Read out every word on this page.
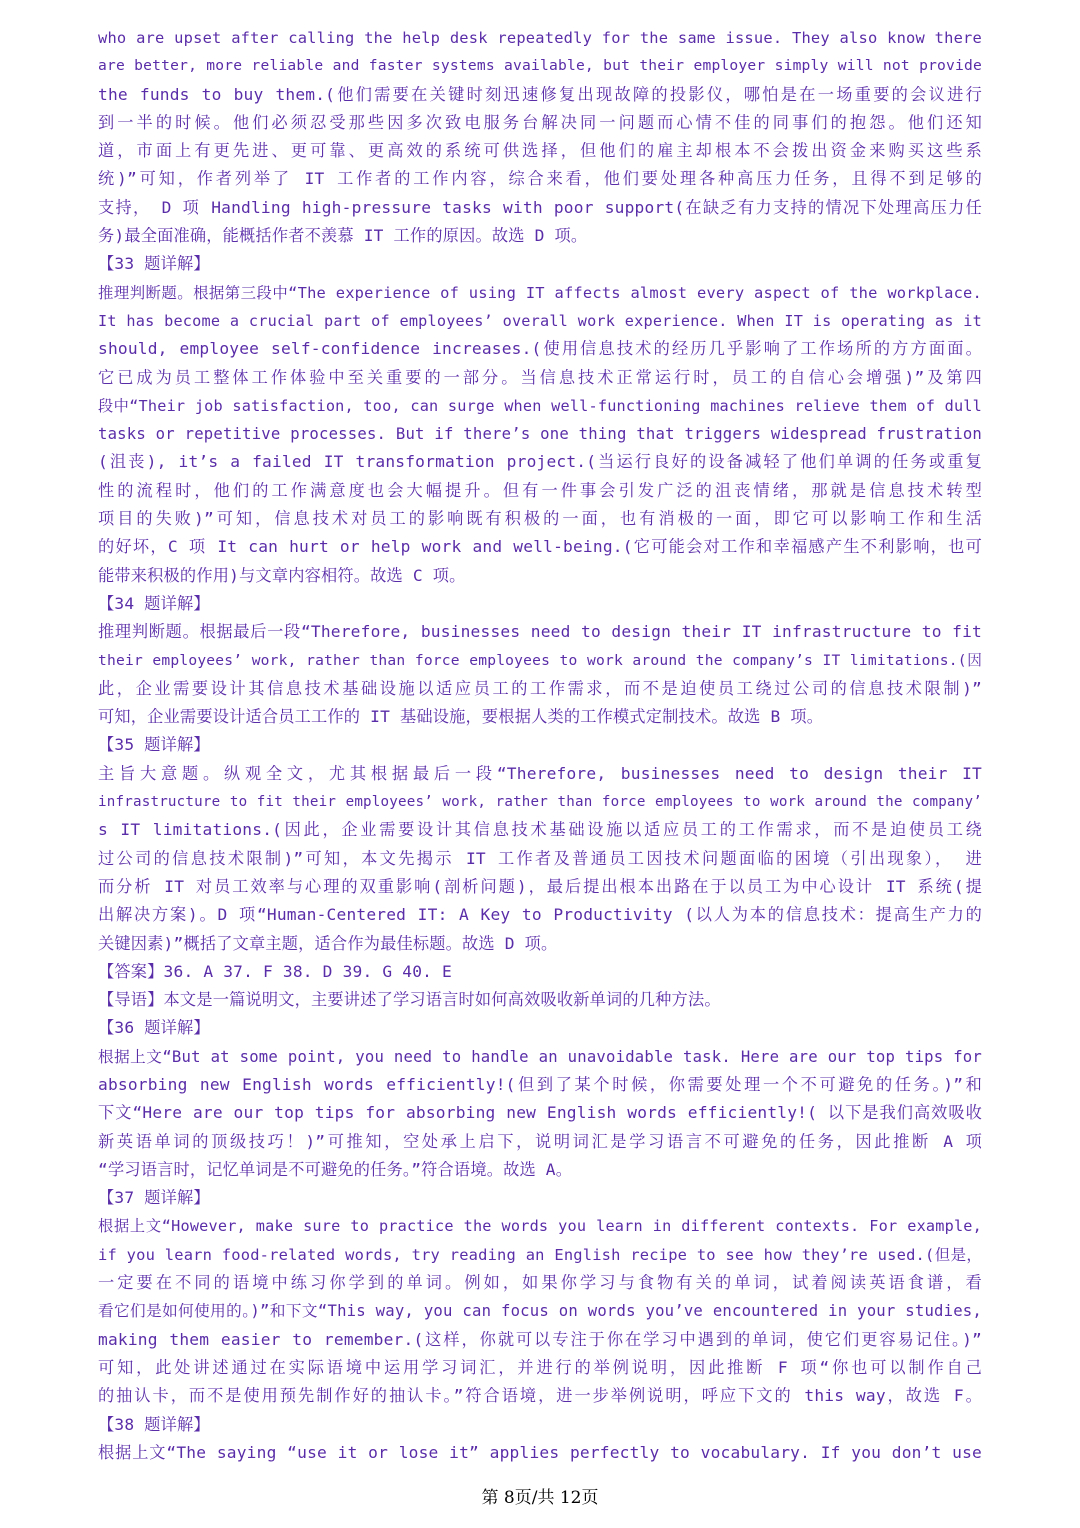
who are upset after calling the help desk repeatedly for the same issue. They also know there
are better, more reliable and faster systems available, but their employer simply will not provide
the funds to buy them.(他们需要在关键时刻迅速修复出现故障的投影仪，哪怕是在一场重要的会议进行
到一半的时候。他们必须忍受那些因多次致电服务台解决同一问题而心情不佳的同事们的抱怨。他们还知
道，市面上有更先进、更可靠、更高效的系统可供选择，但他们的雇主却根本不会拨出资金来购买这些系
统)”可知，作者列举了 IT 工作者的工作内容，综合来看，他们要处理各种高压力任务，且得不到足够的
支持， D 项 Handling high-pressure tasks with poor support(在缺乏有力支持的情况下处理高压力任
务)最全面准确，能概括作者不羡慕 IT 工作的原因。故选 D 项。
【33 题详解】
推理判断题。根据第三段中“The experience of using IT affects almost every aspect of the workplace.
It has become a crucial part of employees’ overall work experience. When IT is operating as it
should, employee self-confidence increases.(使用信息技术的经历几乎影响了工作场所的方方面面。
它已成为员工整体工作体验中至关重要的一部分。当信息技术正常运行时，员工的自信心会增强)”及第四
段中“Their job satisfaction, too, can surge when well-functioning machines relieve them of dull
tasks or repetitive processes. But if there’s one thing that triggers widespread frustration
(沮丧), it’s a failed IT transformation project.(当运行良好的设备减轻了他们单调的任务或重复
性的流程时，他们的工作满意度也会大幅提升。但有一件事会引发广泛的沮丧情绪，那就是信息技术转型
项目的失败)”可知，信息技术对员工的影响既有积极的一面，也有消极的一面，即它可以影响工作和生活
的好坏，C 项 It can hurt or help work and well-being.(它可能会对工作和幸福感产生不利影响，也可
能带来积极的作用)与文章内容相符。故选 C 项。
【34 题详解】
推理判断题。根据最后一段“Therefore, businesses need to design their IT infrastructure to fit
their employees’ work, rather than force employees to work around the company’s IT limitations.(因
此，企业需要设计其信息技术基础设施以适应员工的工作需求，而不是迫使员工绕过公司的信息技术限制)”
可知，企业需要设计适合员工工作的 IT 基础设施，要根据人类的工作模式定制技术。故选 B 项。
【35 题详解】
主旨大意题。纵观全文，尤其根据最后一段“Therefore, businesses need to design their IT
infrastructure to fit their employees’ work, rather than force employees to work around the company’
s IT limitations.(因此，企业需要设计其信息技术基础设施以适应员工的工作需求，而不是迫使员工绕
过公司的信息技术限制)”可知，本文先揭示 IT 工作者及普通员工因技术问题面临的困境（引出现象）， 进
而分析 IT 对员工效率与心理的双重影响(剖析问题)，最后提出根本出路在于以员工为中心设计 IT 系统(提
出解决方案)。D 项“Human-Centered IT: A Key to Productivity (以人为本的信息技术：提高生产力的
关键因素)”概括了文章主题，适合作为最佳标题。故选 D 项。
【答案】36. A 37. F 38. D 39. G 40. E
【导语】本文是一篇说明文，主要讲述了学习语言时如何高效吸收新单词的几种方法。
【36 题详解】
根据上文“But at some point, you need to handle an unavoidable task. Here are our top tips for
absorbing new English words efficiently!(但到了某个时候，你需要处理一个不可避免的任务。)”和
下文“Here are our top tips for absorbing new English words efficiently!( 以下是我们高效吸收
新英语单词的顶级技巧！)”可推知，空处承上启下，说明词汇是学习语言不可避免的任务，因此推断 A 项
“学习语言时，记忆单词是不可避免的任务。”符合语境。故选 A。
【37 题详解】
根据上文“However, make sure to practice the words you learn in different contexts. For example,
if you learn food-related words, try reading an English recipe to see how they’re used.(但是，
一定要在不同的语境中练习你学到的单词。例如，如果你学习与食物有关的单词，试着阅读英语食谱，看
看它们是如何使用的。)”和下文“This way, you can focus on words you’ve encountered in your studies,
making them easier to remember.(这样，你就可以专注于你在学习中遇到的单词，使它们更容易记住。)”
可知，此处讲述通过在实际语境中运用学习词汇，并进行的举例说明，因此推断 F 项“你也可以制作自己
的抽认卡，而不是使用预先制作好的抽认卡。”符合语境，进一步举例说明，呼应下文的 this way，故选 F。
【38 题详解】
根据上文“The saying “use it or lose it” applies perfectly to vocabulary. If you don’t use
第 8页/共 12页
